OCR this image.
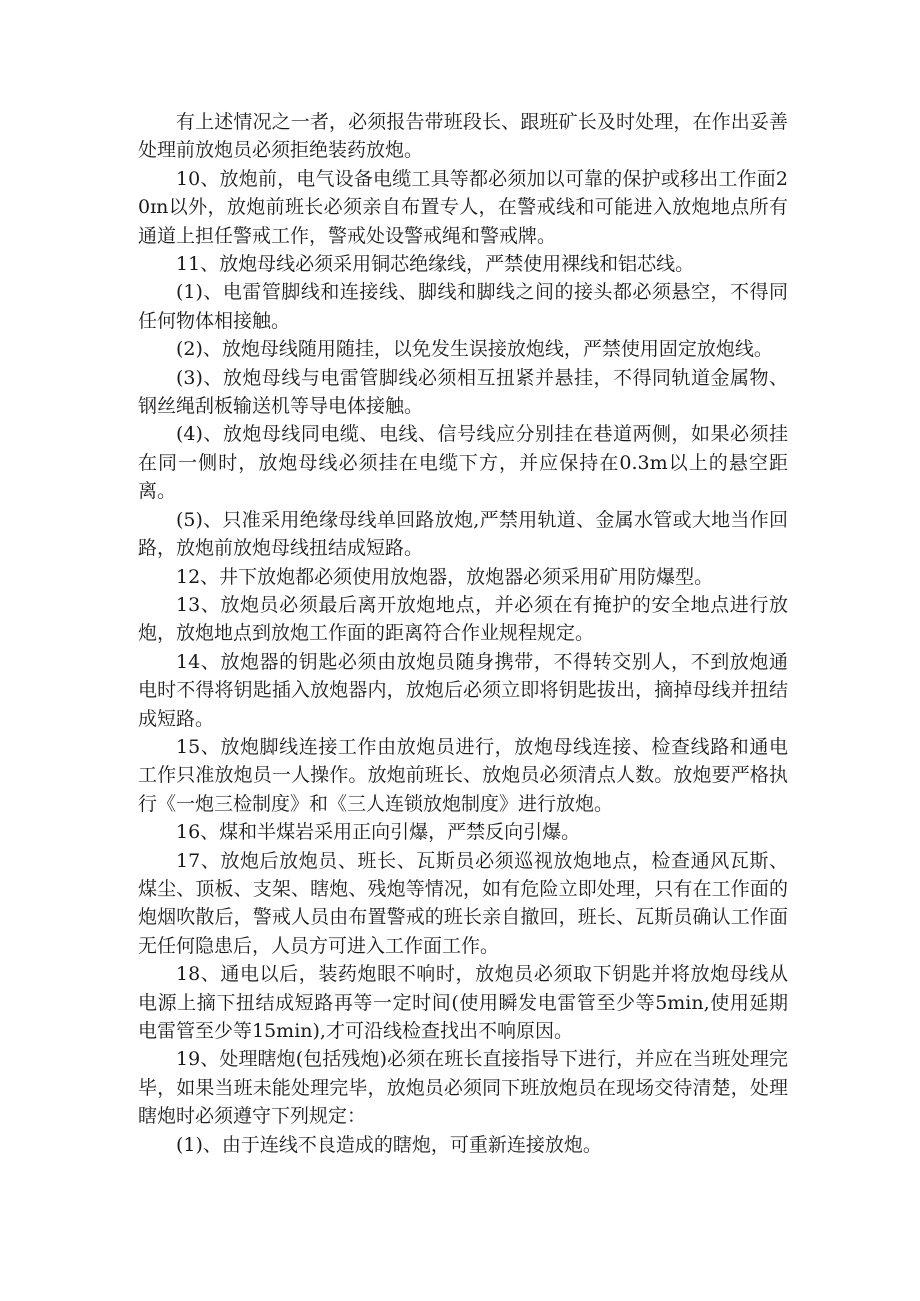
有上述情况之一者，必须报告带班段长、跟班矿长及时处理，在作出妥善处理前放炮员必须拒绝装药放炮。

10、放炮前，电气设备电缆工具等都必须加以可靠的保护或移出工作面20ɪn以外，放炮前班长必须亲自布置专人，在警戒线和可能进入放炮地点所有通道上担任警戒工作，警戒处设警戒绳和警戒牌。

11、放炮母线必须采用铜芯绝缘线，严禁使用裸线和铝芯线。

(1)、电雷管脚线和连接线、脚线和脚线之间的接头都必须悬空，不得同任何物体相接触。

(2)、放炮母线随用随挂，以免发生误接放炮线，严禁使用固定放炮线。

(3)、放炮母线与电雷管脚线必须相互扭紧并悬挂，不得同轨道金属物、钢丝绳刮板输送机等导电体接触。

(4)、放炮母线同电缆、电线、信号线应分别挂在巷道两侧，如果必须挂在同一侧时，放炮母线必须挂在电缆下方，并应保持在0.3m以上的悬空距离。

(5)、只准采用绝缘母线单回路放炮,严禁用轨道、金属水管或大地当作回路，放炮前放炮母线扭结成短路。

12、井下放炮都必须使用放炮器，放炮器必须采用矿用防爆型。

13、放炮员必须最后离开放炮地点，并必须在有掩护的安全地点进行放炮，放炮地点到放炮工作面的距离符合作业规程规定。

14、放炮器的钥匙必须由放炮员随身携带，不得转交别人，不到放炮通电时不得将钥匙插入放炮器内，放炮后必须立即将钥匙拔出，摘掉母线并扭结成短路。

15、放炮脚线连接工作由放炮员进行，放炮母线连接、检查线路和通电工作只准放炮员一人操作。放炮前班长、放炮员必须清点人数。放炮要严格执行《一炮三检制度》和《三人连锁放炮制度》进行放炮。

16、煤和半煤岩采用正向引爆，严禁反向引爆。

17、放炮后放炮员、班长、瓦斯员必须巡视放炮地点，检查通风瓦斯、煤尘、顶板、支架、瞎炮、残炮等情况，如有危险立即处理，只有在工作面的炮烟吹散后，警戒人员由布置警戒的班长亲自撤回，班长、瓦斯员确认工作面无任何隐患后，人员方可进入工作面工作。

18、通电以后，装药炮眼不响时，放炮员必须取下钥匙并将放炮母线从电源上摘下扭结成短路再等一定时间(使用瞬发电雷管至少等5min,使用延期电雷管至少等15min),才可沿线检查找出不响原因。

19、处理瞎炮(包括残炮)必须在班长直接指导下进行，并应在当班处理完毕，如果当班未能处理完毕，放炮员必须同下班放炮员在现场交待清楚，处理瞎炮时必须遵守下列规定：

(1)、由于连线不良造成的瞎炮，可重新连接放炮。
